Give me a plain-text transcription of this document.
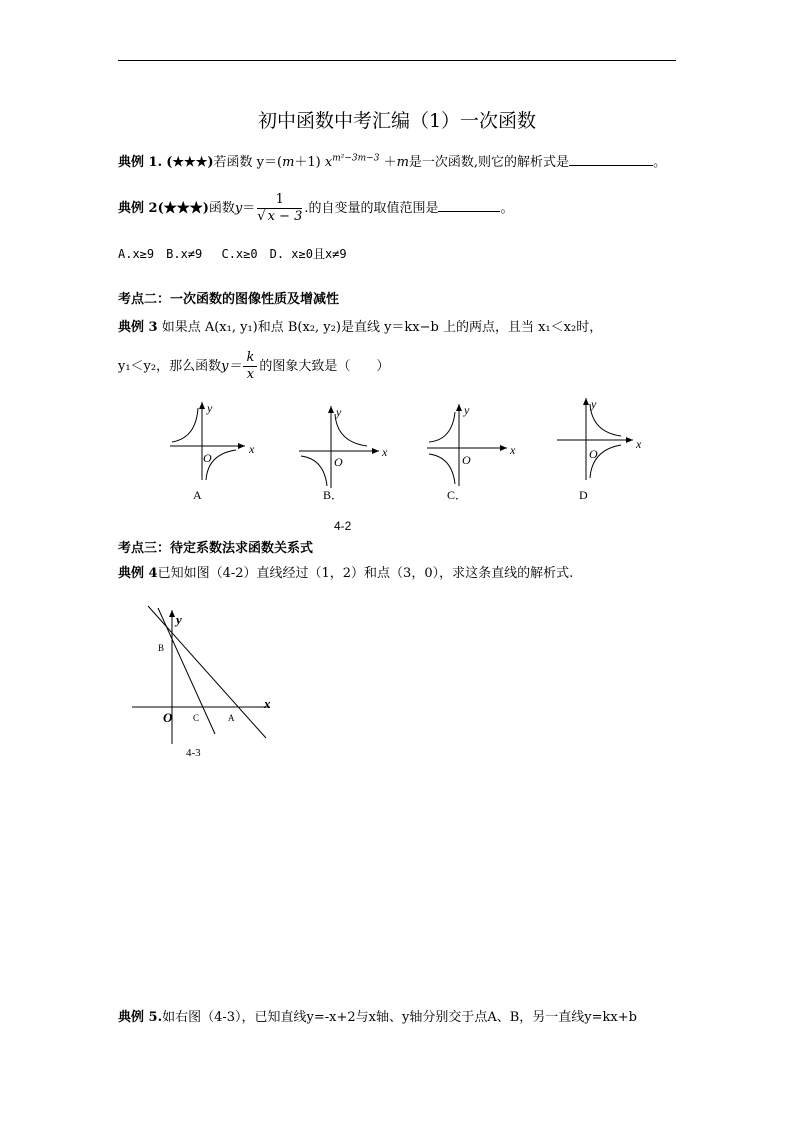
初中函数中考汇编（1）一次函数
典例 1. (★★★)若函数 y＝(m＋1) $x^{m^2-3m-3} +m$是一次函数,则它的解析式是	。
典例 2(★★★)函数$y= \frac{1}{√ x - 3}$ .的自变量的取值范围是	。
A.x≥9　B.x≠9　 C.x≥0　D. x≥0且x≠9
考点二：一次函数的图像性质及增减性
典例 3 如果点 A(x₁, y₁)和点 B(x₂, y₂)是直线 y＝kx−b 上的两点，且当 x₁＜x₂时，
y₁＜y₂，那么函数$y= \frac{k}{x}$ 的图象大致是（　　）
y
x
O
A
y
x
O
B．
y
x
O
C．
y
x
O
D
4-2
考点三：待定系数法求函数关系式
典例 4已知如图（4-2）直线经过（1，2）和点（3，0），求这条直线的解析式.
y
x
O
B
C	A
4-3
典例 5.如右图（4-3），已知直线y=-x+2与x轴、y轴分别交于点A、B，另一直线y=kx+b
